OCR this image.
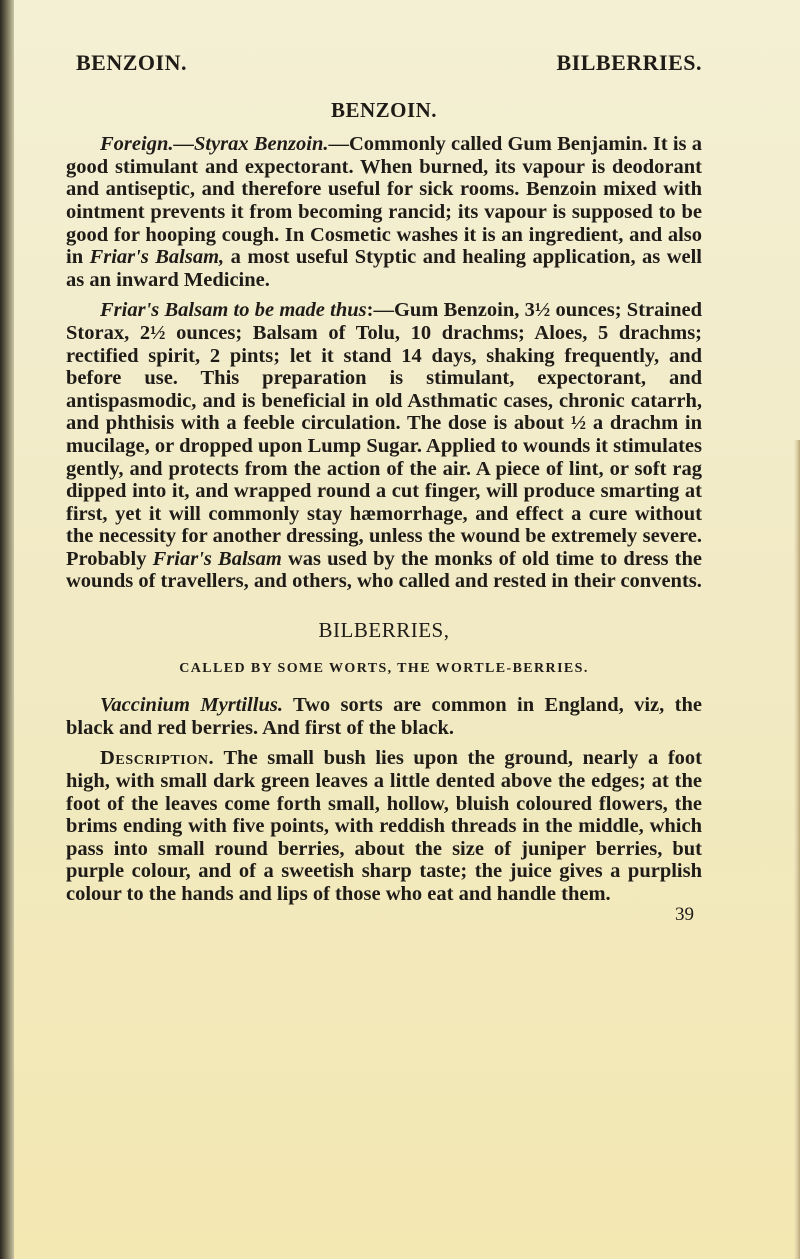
BENZOIN.	BILBERRIES.
BENZOIN.

Foreign.—Styrax Benzoin.—Commonly called Gum Benjamin. It is a good stimulant and expectorant. When burned, its vapour is deodorant and antiseptic, and therefore useful for sick rooms. Benzoin mixed with ointment prevents it from becoming rancid; its vapour is supposed to be good for hooping cough. In Cosmetic washes it is an ingredient, and also in Friar's Balsam, a most useful Styptic and healing application, as well as an inward Medicine.

Friar's Balsam to be made thus:—Gum Benzoin, 3½ ounces; Strained Storax, 2½ ounces; Balsam of Tolu, 10 drachms; Aloes, 5 drachms; rectified spirit, 2 pints; let it stand 14 days, shaking frequently, and before use. This preparation is stimulant, expectorant, and antispasmodic, and is beneficial in old Asthmatic cases, chronic catarrh, and phthisis with a feeble circulation. The dose is about ½ a drachm in mucilage, or dropped upon Lump Sugar. Applied to wounds it stimulates gently, and protects from the action of the air. A piece of lint, or soft rag dipped into it, and wrapped round a cut finger, will produce smarting at first, yet it will commonly stay hæmorrhage, and effect a cure without the necessity for another dressing, unless the wound be extremely severe. Probably Friar's Balsam was used by the monks of old time to dress the wounds of travellers, and others, who called and rested in their convents.

BILBERRIES,
CALLED BY SOME WORTS, THE WORTLE-BERRIES.

Vaccinium Myrtillus. Two sorts are common in England, viz, the black and red berries. And first of the black.

Description. The small bush lies upon the ground, nearly a foot high, with small dark green leaves a little dented above the edges; at the foot of the leaves come forth small, hollow, bluish coloured flowers, the brims ending with five points, with reddish threads in the middle, which pass into small round berries, about the size of juniper berries, but purple colour, and of a sweetish sharp taste; the juice gives a purplish colour to the hands and lips of those who eat and handle them.

39
